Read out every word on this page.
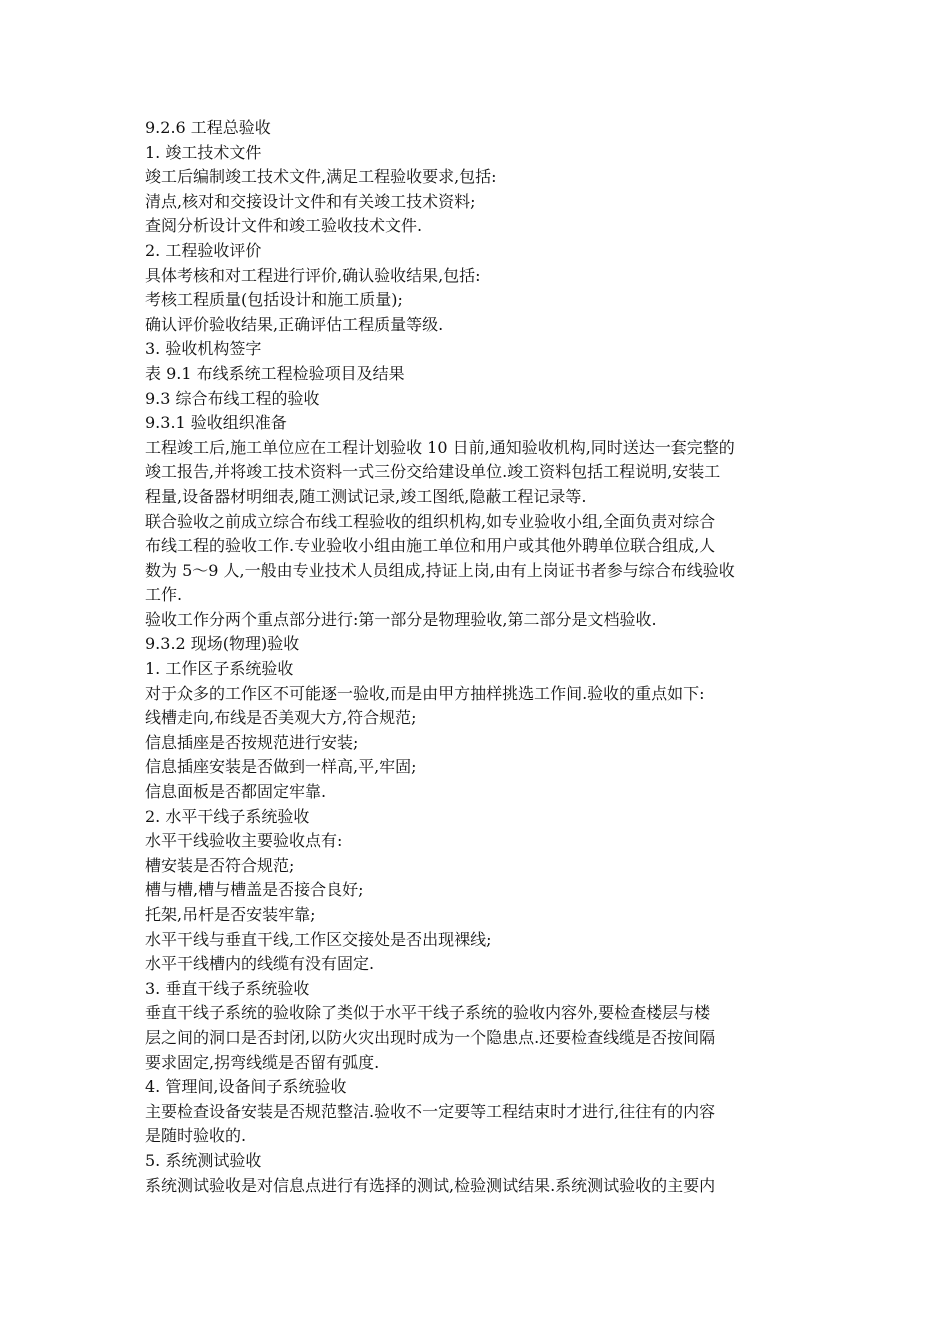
9.2.6 工程总验收

1. 竣工技术文件

竣工后编制竣工技术文件,满足工程验收要求,包括:

清点,核对和交接设计文件和有关竣工技术资料;

查阅分析设计文件和竣工验收技术文件.

2. 工程验收评价

具体考核和对工程进行评价,确认验收结果,包括:

考核工程质量(包括设计和施工质量);

确认评价验收结果,正确评估工程质量等级.

3. 验收机构签字

表 9.1 布线系统工程检验项目及结果

9.3 综合布线工程的验收

9.3.1 验收组织准备

工程竣工后,施工单位应在工程计划验收 10 日前,通知验收机构,同时送达一套完整的

竣工报告,并将竣工技术资料一式三份交给建设单位.竣工资料包括工程说明,安装工

程量,设备器材明细表,随工测试记录,竣工图纸,隐蔽工程记录等.

联合验收之前成立综合布线工程验收的组织机构,如专业验收小组,全面负责对综合

布线工程的验收工作.专业验收小组由施工单位和用户或其他外聘单位联合组成,人

数为 5～9 人,一般由专业技术人员组成,持证上岗,由有上岗证书者参与综合布线验收

工作.

验收工作分两个重点部分进行:第一部分是物理验收,第二部分是文档验收.

9.3.2 现场(物理)验收

1. 工作区子系统验收

对于众多的工作区不可能逐一验收,而是由甲方抽样挑选工作间.验收的重点如下:

线槽走向,布线是否美观大方,符合规范;

信息插座是否按规范进行安装;

信息插座安装是否做到一样高,平,牢固;

信息面板是否都固定牢靠.

2. 水平干线子系统验收

水平干线验收主要验收点有:

槽安装是否符合规范;

槽与槽,槽与槽盖是否接合良好;

托架,吊杆是否安装牢靠;

水平干线与垂直干线,工作区交接处是否出现裸线;

水平干线槽内的线缆有没有固定.

3. 垂直干线子系统验收

垂直干线子系统的验收除了类似于水平干线子系统的验收内容外,要检查楼层与楼

层之间的洞口是否封闭,以防火灾出现时成为一个隐患点.还要检查线缆是否按间隔

要求固定,拐弯线缆是否留有弧度.

4. 管理间,设备间子系统验收

主要检查设备安装是否规范整洁.验收不一定要等工程结束时才进行,往往有的内容

是随时验收的.

5. 系统测试验收

系统测试验收是对信息点进行有选择的测试,检验测试结果.系统测试验收的主要内
